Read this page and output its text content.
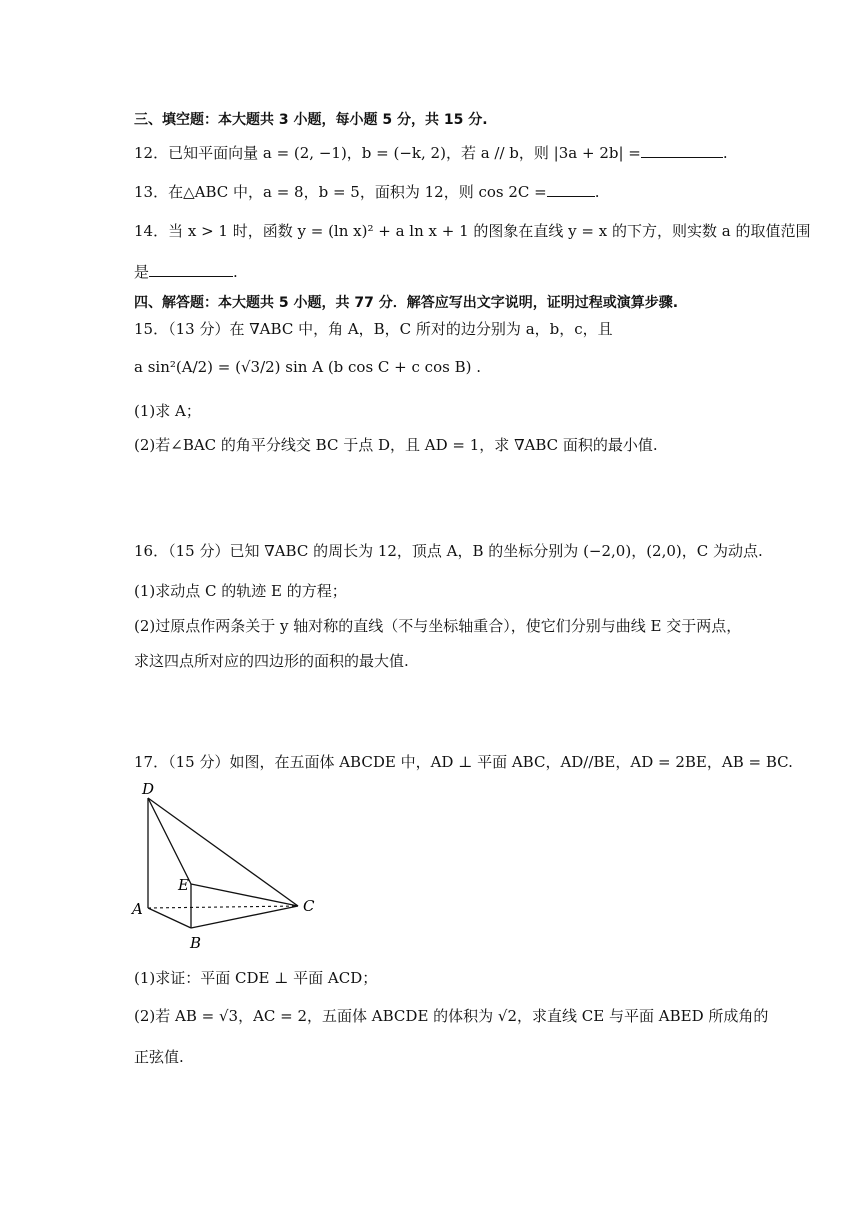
三、填空题：本大题共 3 小题，每小题 5 分，共 15 分.
12．已知平面向量 a = (2, −1)，b = (−k, 2)，若 a // b，则 |3a + 2b| =	.
13．在△ABC 中，a = 8，b = 5，面积为 12，则 cos 2C =	.
14．当 x > 1 时，函数 y = (ln x)² + a ln x + 1 的图象在直线 y = x 的下方，则实数 a 的取值范围
是	.
四、解答题：本大题共 5 小题，共 77 分．解答应写出文字说明，证明过程或演算步骤.
15．（13 分）在 ∇ABC 中，角 A，B，C 所对的边分别为 a，b，c，且
a sin²(A/2) = (√3/2) sin A (b cos C + c cos B) .
(1)求 A；
(2)若∠BAC 的角平分线交 BC 于点 D，且 AD = 1，求 ∇ABC 面积的最小值.
16．（15 分）已知 ∇ABC 的周长为 12，顶点 A，B 的坐标分别为 (−2,0)，(2,0)，C 为动点.
(1)求动点 C 的轨迹 E 的方程；
(2)过原点作两条关于 y 轴对称的直线（不与坐标轴重合），使它们分别与曲线 E 交于两点，
求这四点所对应的四边形的面积的最大值.
17．（15 分）如图，在五面体 ABCDE 中，AD ⊥ 平面 ABC，AD//BE，AD = 2BE，AB = BC.
D
E
A	C
B
(1)求证：平面 CDE ⊥ 平面 ACD；
(2)若 AB = √3，AC = 2，五面体 ABCDE 的体积为 √2，求直线 CE 与平面 ABED 所成角的
正弦值.
